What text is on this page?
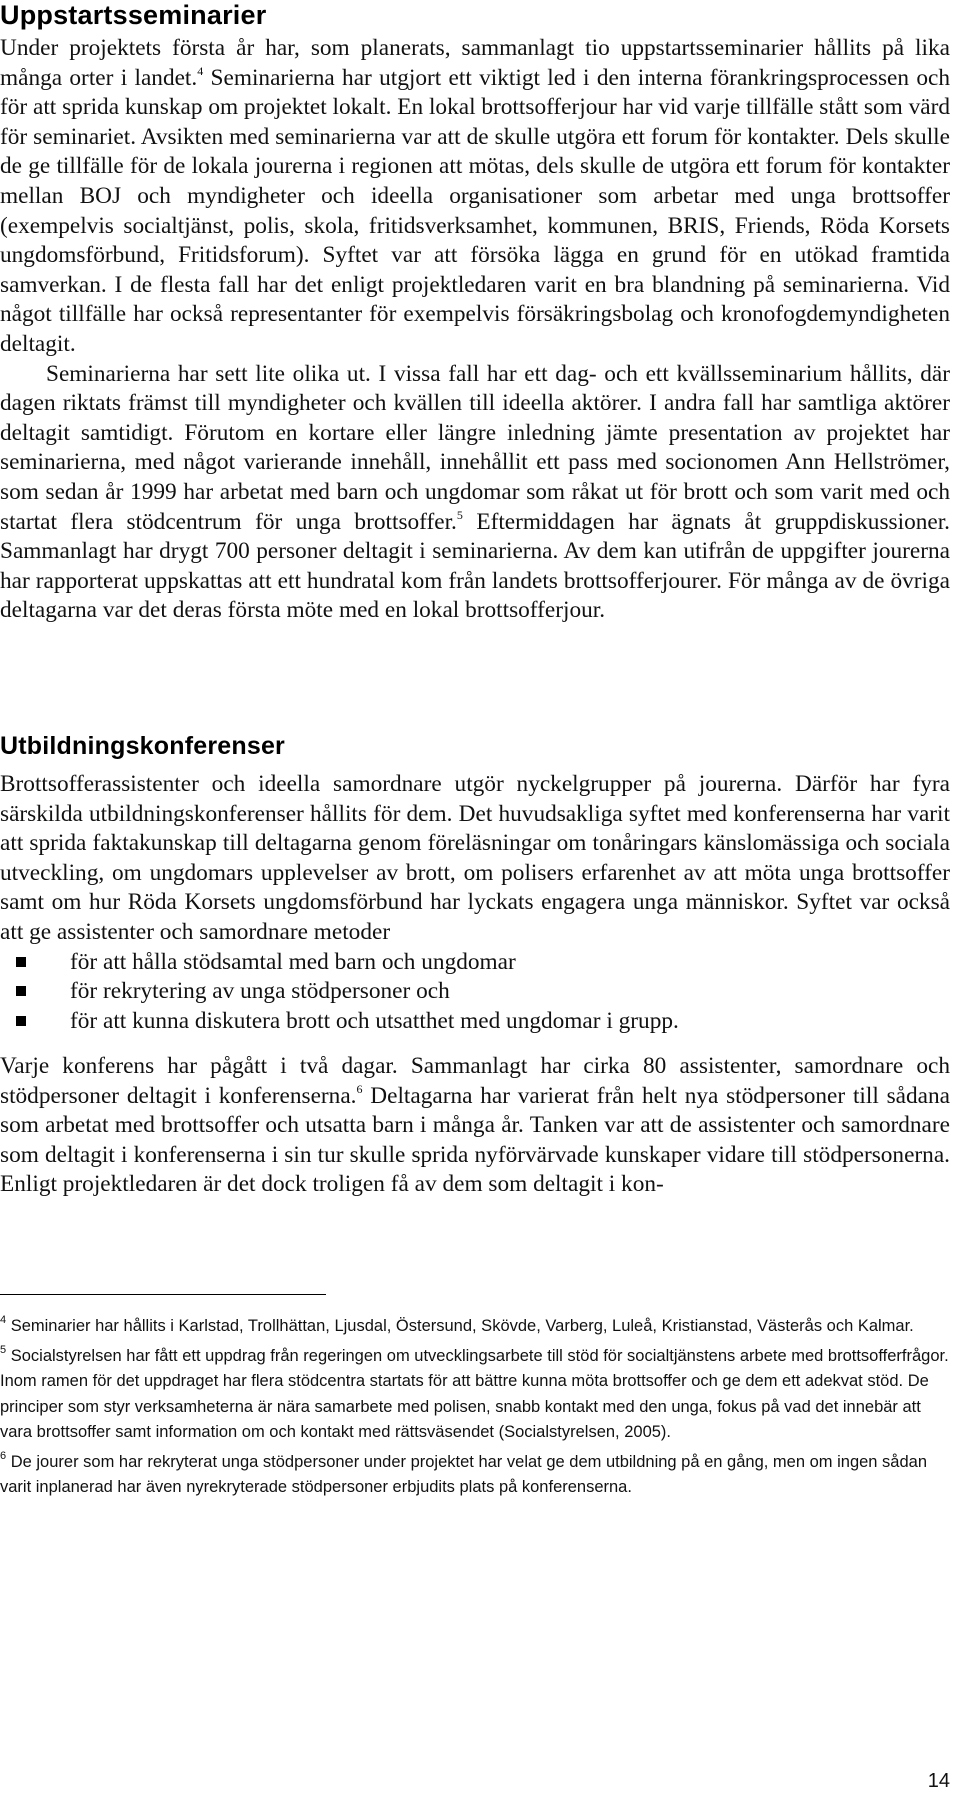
Uppstartsseminarier

Under projektets första år har, som planerats, sammanlagt tio uppstartsseminarier hållits på lika många orter i landet.$^4$ Seminarierna har utgjort ett viktigt led i den interna förankringsprocessen och för att sprida kunskap om projektet lokalt. En lokal brottsofferjour har vid varje tillfälle stått som värd för seminariet. Avsikten med seminarierna var att de skulle utgöra ett forum för kontakter. Dels skulle de ge tillfälle för de lokala jourerna i regionen att mötas, dels skulle de utgöra ett forum för kontakter mellan BOJ och myndigheter och ideella organisationer som arbetar med unga brottsoffer (exempelvis socialtjänst, polis, skola, fritidsverksamhet, kommunen, BRIS, Friends, Röda Korsets ungdomsförbund, Fritidsforum). Syftet var att försöka lägga en grund för en utökad framtida samverkan. I de flesta fall har det enligt projektledaren varit en bra blandning på seminarierna. Vid något tillfälle har också representanter för exempelvis försäkringsbolag och kronofogdemyndigheten deltagit.

Seminarierna har sett lite olika ut. I vissa fall har ett dag- och ett kvällsseminarium hållits, där dagen riktats främst till myndigheter och kvällen till ideella aktörer. I andra fall har samtliga aktörer deltagit samtidigt. Förutom en kortare eller längre inledning jämte presentation av projektet har seminarierna, med något varierande innehåll, innehållit ett pass med socionomen Ann Hellströmer, som sedan år 1999 har arbetat med barn och ungdomar som råkat ut för brott och som varit med och startat flera stödcentrum för unga brottsoffer.$^5$ Eftermiddagen har ägnats åt gruppdiskussioner. Sammanlagt har drygt 700 personer deltagit i seminarierna. Av dem kan utifrån de uppgifter jourerna har rapporterat uppskattas att ett hundratal kom från landets brottsofferjourer. För många av de övriga deltagarna var det deras första möte med en lokal brottsofferjour.

Utbildningskonferenser

Brottsofferassistenter och ideella samordnare utgör nyckelgrupper på jourerna. Därför har fyra särskilda utbildningskonferenser hållits för dem. Det huvudsakliga syftet med konferenserna har varit att sprida faktakunskap till deltagarna genom föreläsningar om tonåringars känslomässiga och sociala utveckling, om ungdomars upplevelser av brott, om polisers erfarenhet av att möta unga brottsoffer samt om hur Röda Korsets ungdomsförbund har lyckats engagera unga människor. Syftet var också att ge assistenter och samordnare metoder

för att hålla stödsamtal med barn och ungdomar
för rekrytering av unga stödpersoner och
för att kunna diskutera brott och utsatthet med ungdomar i grupp.

Varje konferens har pågått i två dagar. Sammanlagt har cirka 80 assistenter, samordnare och stödpersoner deltagit i konferenserna.$^6$ Deltagarna har varierat från helt nya stödpersoner till sådana som arbetat med brottsoffer och utsatta barn i många år. Tanken var att de assistenter och samordnare som deltagit i konferenserna i sin tur skulle sprida nyförvärvade kunskaper vidare till stödpersonerna. Enligt projektledaren är det dock troligen få av dem som deltagit i kon-

$^4$ Seminarier har hållits i Karlstad, Trollhättan, Ljusdal, Östersund, Skövde, Varberg, Luleå, Kristianstad, Västerås och Kalmar.

$^5$ Socialstyrelsen har fått ett uppdrag från regeringen om utvecklingsarbete till stöd för socialtjänstens arbete med brottsofferfrågor. Inom ramen för det uppdraget har flera stödcentra startats för att bättre kunna möta brottsoffer och ge dem ett adekvat stöd. De principer som styr verksamheterna är nära samarbete med polisen, snabb kontakt med den unga, fokus på vad det innebär att vara brottsoffer samt information om och kontakt med rättsväsendet (Socialstyrelsen, 2005).

$^6$ De jourer som har rekryterat unga stödpersoner under projektet har velat ge dem utbildning på en gång, men om ingen sådan varit inplanerad har även nyrekryterade stödpersoner erbjudits plats på konferenserna.

14
